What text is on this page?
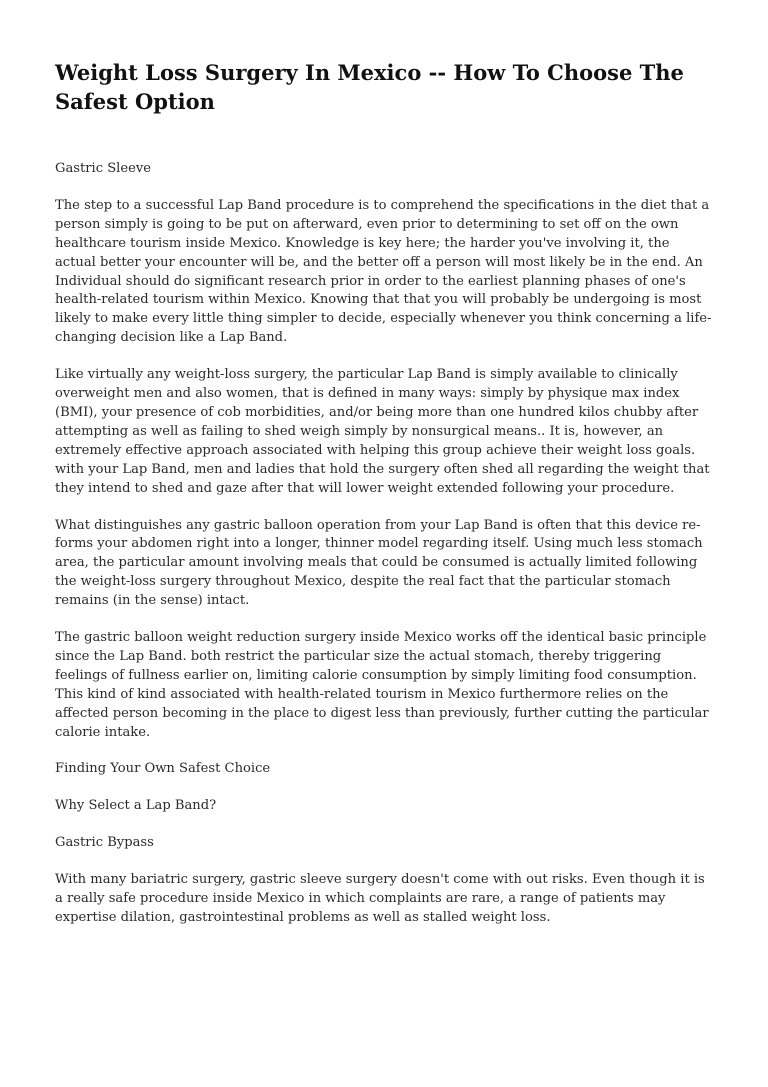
Weight Loss Surgery In Mexico -- How To Choose The Safest Option

Gastric Sleeve

The step to a successful Lap Band procedure is to comprehend the specifications in the diet that a person simply is going to be put on afterward, even prior to determining to set off on the own healthcare tourism inside Mexico. Knowledge is key here; the harder you've involving it, the actual better your encounter will be, and the better off a person will most likely be in the end. An Individual should do significant research prior in order to the earliest planning phases of one's health-related tourism within Mexico. Knowing that that you will probably be undergoing is most likely to make every little thing simpler to decide, especially whenever you think concerning a life-changing decision like a Lap Band.

Like virtually any weight-loss surgery, the particular Lap Band is simply available to clinically overweight men and also women, that is defined in many ways: simply by physique max index (BMI), your presence of cob morbidities, and/or being more than one hundred kilos chubby after attempting as well as failing to shed weigh simply by nonsurgical means.. It is, however, an extremely effective approach associated with helping this group achieve their weight loss goals. with your Lap Band, men and ladies that hold the surgery often shed all regarding the weight that they intend to shed and gaze after that will lower weight extended following your procedure.

What distinguishes any gastric balloon operation from your Lap Band is often that this device re-forms your abdomen right into a longer, thinner model regarding itself. Using much less stomach area, the particular amount involving meals that could be consumed is actually limited following the weight-loss surgery throughout Mexico, despite the real fact that the particular stomach remains (in the sense) intact.

The gastric balloon weight reduction surgery inside Mexico works off the identical basic principle since the Lap Band. both restrict the particular size the actual stomach, thereby triggering feelings of fullness earlier on, limiting calorie consumption by simply limiting food consumption. This kind of kind associated with health-related tourism in Mexico furthermore relies on the affected person becoming in the place to digest less than previously, further cutting the particular calorie intake.

Finding Your Own Safest Choice

Why Select a Lap Band?

Gastric Bypass

With many bariatric surgery, gastric sleeve surgery doesn't come with out risks. Even though it is a really safe procedure inside Mexico in which complaints are rare, a range of patients may expertise dilation, gastrointestinal problems as well as stalled weight loss.
